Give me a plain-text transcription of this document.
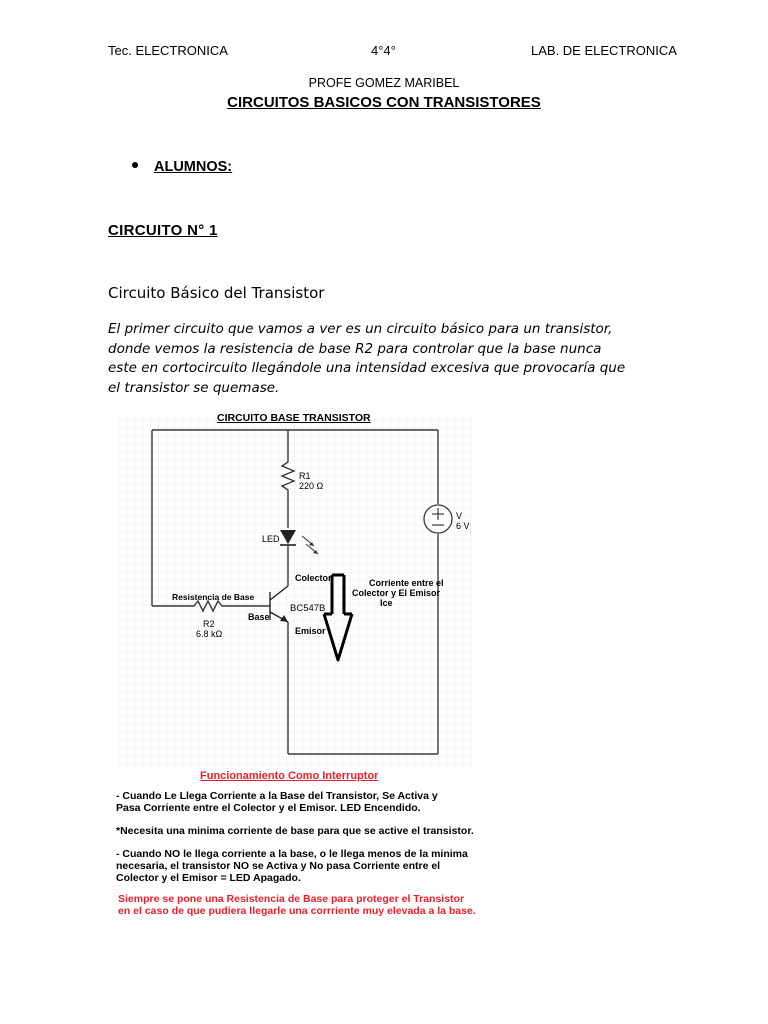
Tec. ELECTRONICA	4°4°	LAB. DE ELECTRONICA
PROFE GOMEZ MARIBEL
CIRCUITOS BASICOS CON TRANSISTORES
ALUMNOS:
CIRCUITO N° 1
Circuito Básico del Transistor
El primer circuito que vamos a ver es un circuito básico para un transistor,
donde vemos la resistencia de base R2 para controlar que la base nunca
este en cortocircuito llegándole una intensidad excesiva que provocaría que
el transistor se quemase.
CIRCUITO BASE TRANSISTOR
R1
220 Ω
LED
V
6 V
Colector
Resistencia de Base
Base
BC547B
R2
6.8 kΩ	Emisor
Corriente entre el
Colector y El Emisor
Ice
Funcionamiento Como Interruptor
- Cuando Le Llega Corriente a la Base del Transistor, Se Activa y
Pasa Corriente entre el Colector y el Emisor. LED Encendido.
*Necesita una minima corriente de base para que se active el transistor.
- Cuando NO le llega corriente a la base, o le llega menos de la minima
necesaria, el transistor NO se Activa y No pasa Corriente entre el
Colector y el Emisor = LED Apagado.
Siempre se pone una Resistencia de Base para proteger el Transistor
en el caso de que pudiera llegarle una corrriente muy elevada a la base.
